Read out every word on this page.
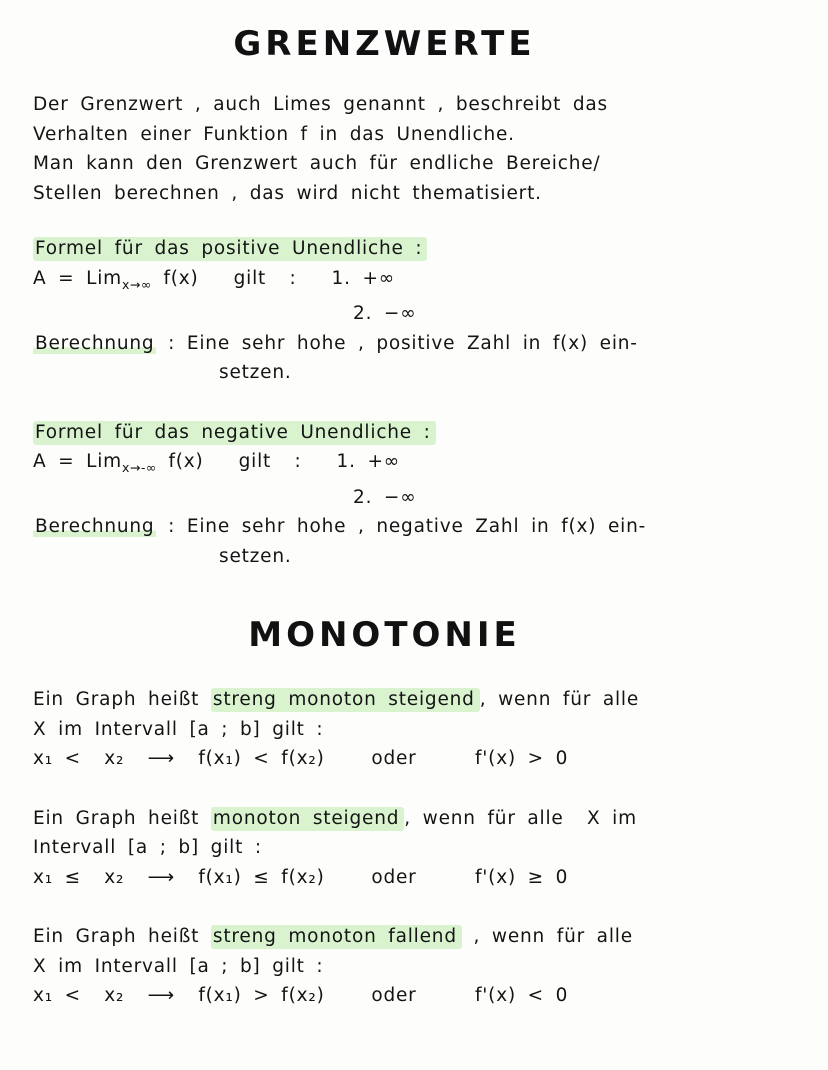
GRENZWERTE
Der Grenzwert , auch Limes genannt , beschreibt das
Verhalten einer Funktion f in das Unendliche.
Man kann den Grenzwert auch für endliche Bereiche/
Stellen berechnen , das wird nicht thematisiert.
Formel für das positive Unendliche :
A = Lim$_{x\to\infty}$ f(x)   gilt  :   1. +∞
2. −∞
Berechnung : Eine sehr hohe , positive Zahl in f(x) ein-
setzen.
Formel für das negative Unendliche :
A = Lim$_{x\to-\infty}$ f(x)   gilt  :   1. +∞
2. −∞
Berechnung : Eine sehr hohe , negative Zahl in f(x) ein-
setzen.
MONOTONIE
Ein Graph heißt streng monoton steigend , wenn für alle
X im Intervall [a ; b] gilt :
x₁ <  x₂  ⟶  f(x₁) < f(x₂)    oder     f'(x) > 0
Ein Graph heißt monoton steigend , wenn für alle  X im
Intervall [a ; b] gilt :
x₁ ≤  x₂  ⟶  f(x₁) ≤ f(x₂)    oder     f'(x) ≥ 0
Ein Graph heißt streng monoton fallend , wenn für alle
X im Intervall [a ; b] gilt :
x₁ <  x₂  ⟶  f(x₁) > f(x₂)    oder     f'(x) < 0
